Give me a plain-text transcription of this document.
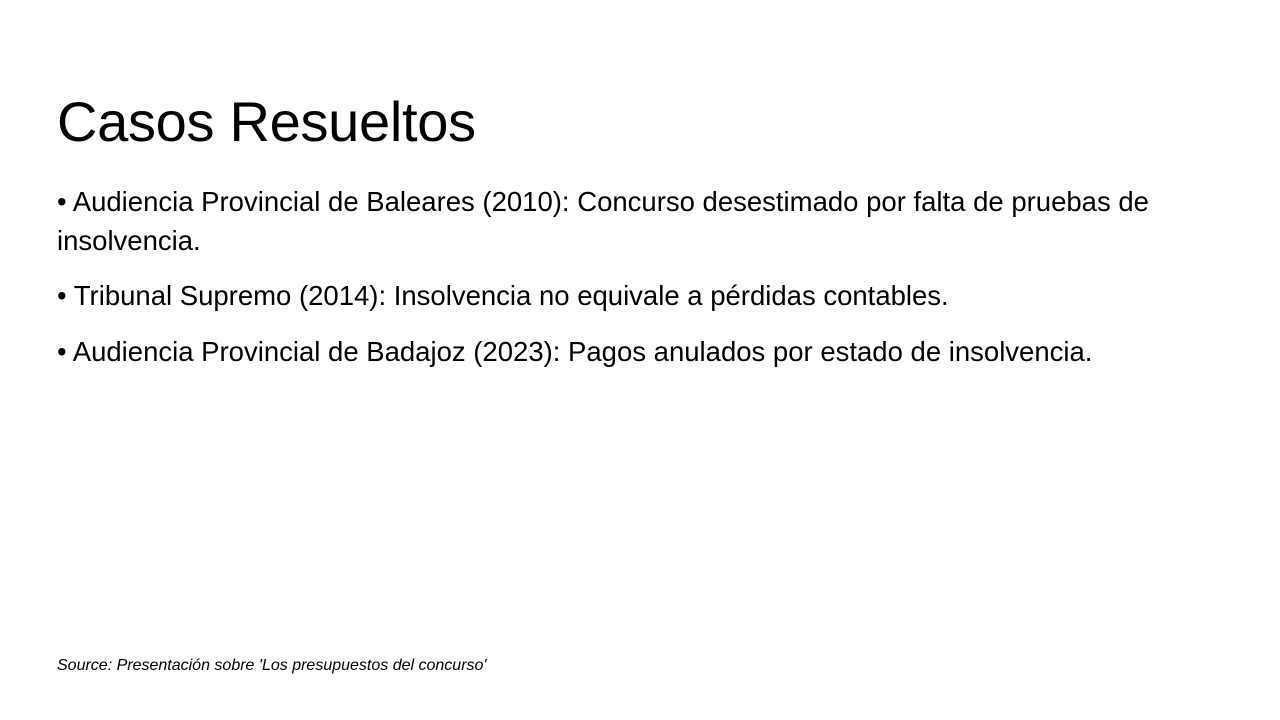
Casos Resueltos

• Audiencia Provincial de Baleares (2010): Concurso desestimado por falta de pruebas de insolvencia.

• Tribunal Supremo (2014): Insolvencia no equivale a pérdidas contables.

• Audiencia Provincial de Badajoz (2023): Pagos anulados por estado de insolvencia.

Source: Presentación sobre 'Los presupuestos del concurso'
